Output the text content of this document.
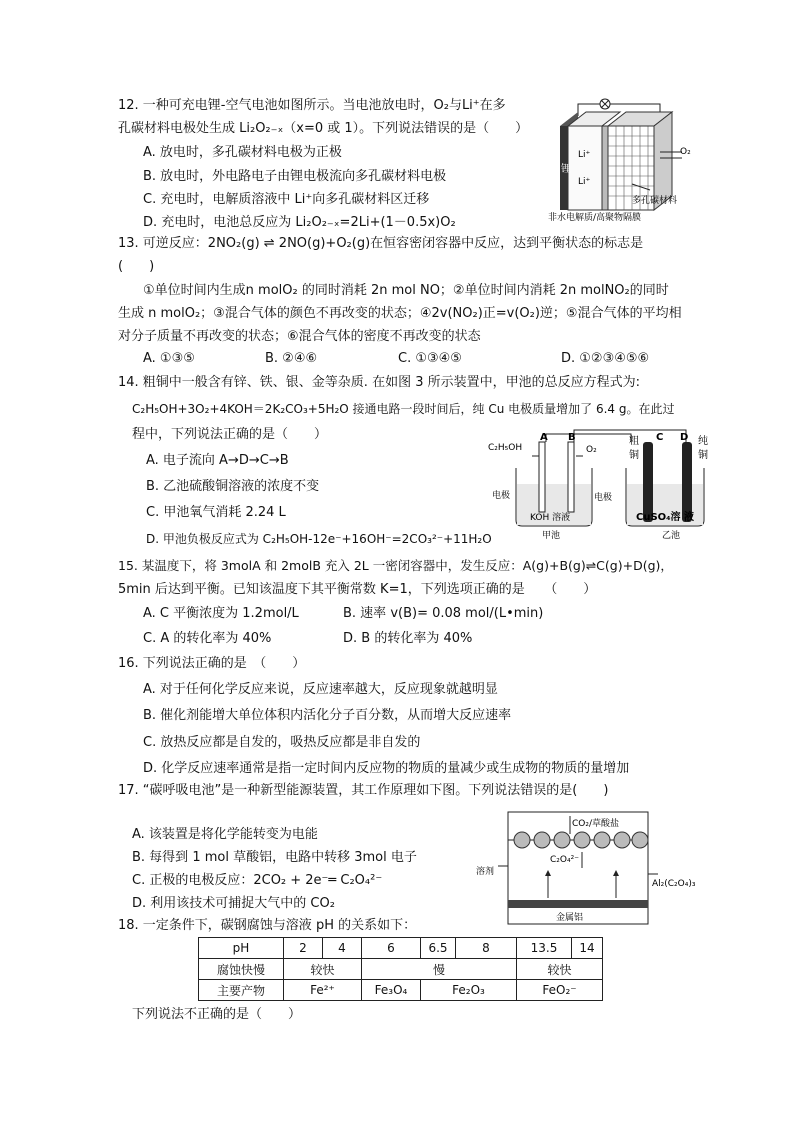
12. 一种可充电锂-空气电池如图所示。当电池放电时，O₂与Li⁺在多
孔碳材料电极处生成 Li₂O₂₋ₓ（x=0 或 1）。下列说法错误的是（　　）
A. 放电时，多孔碳材料电极为正极
B. 放电时，外电路电子由锂电极流向多孔碳材料电极
C. 充电时，电解质溶液中 Li⁺向多孔碳材料区迁移
D. 充电时，电池总反应为 Li₂O₂₋ₓ=2Li+(1－0.5x)O₂
锂
Li⁺
Li⁺
O₂
多孔碳材料
非水电解质/高聚物隔膜
13. 可逆反应：2NO₂(g) ⇌ 2NO(g)+O₂(g)在恒容密闭容器中反应，达到平衡状态的标志是
(　　)
①单位时间内生成n molO₂ 的同时消耗 2n mol NO；②单位时间内消耗 2n molNO₂的同时
生成 n molO₂；③混合气体的颜色不再改变的状态；④2v(NO₂)正=v(O₂)逆；⑤混合气体的平均相
对分子质量不再改变的状态；⑥混合气体的密度不再改变的状态
A. ①③⑤	B. ②④⑥	C. ①③④⑤	D. ①②③④⑤⑥
14. 粗铜中一般含有锌、铁、银、金等杂质. 在如图 3 所示装置中，甲池的总反应方程式为:
C₂H₅OH+3O₂+4KOH＝2K₂CO₃+5H₂O 接通电路一段时间后，纯 Cu 电极质量增加了 6.4 g。在此过
程中，下列说法正确的是（　　）
A. 电子流向 A→D→C→B
B. 乙池硫酸铜溶液的浓度不变
C. 甲池氧气消耗 2.24 L
D. 甲池负极反应式为 C₂H₅OH-12e⁻+16OH⁻=2CO₃²⁻+11H₂O
C₂H₅OH
A B
O₂
粗
铜
C D 纯
铜
电极	电极
KOH 溶液
甲池
CuSO₄溶 液
乙池
15. 某温度下，将 3molA 和 2molB 充入 2L 一密闭容器中，发生反应：A(g)+B(g)⇌C(g)+D(g)，
5min 后达到平衡。已知该温度下其平衡常数 K=1，下列选项正确的是　　（　　）
A. C 平衡浓度为 1.2mol/L	B. 速率 v(B)= 0.08 mol/(L•min)
C. A 的转化率为 40%	D. B 的转化率为 40%
16. 下列说法正确的是　（　　）
A. 对于任何化学反应来说，反应速率越大，反应现象就越明显
B. 催化剂能增大单位体积内活化分子百分数，从而增大反应速率
C. 放热反应都是自发的，吸热反应都是非自发的
D. 化学反应速率通常是指一定时间内反应物的物质的量减少或生成物的物质的量增加
17. “碳呼吸电池”是一种新型能源装置，其工作原理如下图。下列说法错误的是(　　)
A. 该装置是将化学能转变为电能
B. 每得到 1 mol 草酸铝，电路中转移 3mol 电子
C. 正极的电极反应：2CO₂ + 2e⁻═ C₂O₄²⁻
D. 利用该技术可捕捉大气中的 CO₂
CO₂/草酸盐
C₂O₄²⁻
溶剂
Al₂(C₂O₄)₃
金属铝
18. 一定条件下，碳钢腐蚀与溶液 pH 的关系如下：
pH	2	4	6	6.5	8	13.5	14
腐蚀快慢	较快		慢			较快	
主要产物	Fe²⁺		Fe₃O₄	Fe₂O₃		FeO₂⁻	
下列说法不正确的是（　　）
